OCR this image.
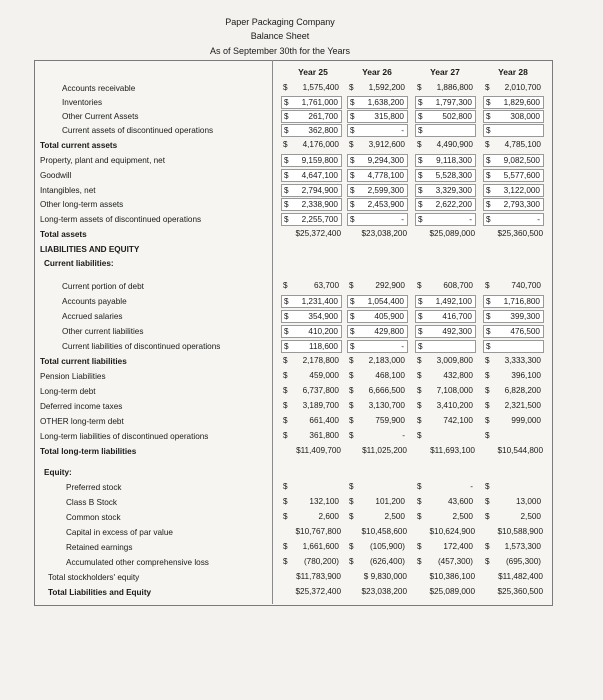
Paper Packaging Company
Balance Sheet
As of September 30th for the Years
Year 25	Year 26	Year 27	Year 28
Accounts receivable	$ 1,575,400 $ 1,592,200 $ 1,886,800 $ 2,010,700
Inventories	$ 1,761,000 $ 1,638,200 $ 1,797,300 $ 1,829,600
Other Current Assets	$ 261,700 $ 315,800 $ 502,800 $ 308,000
Current assets of discontinued operations	$ 362,800 $	- $	$
Total current assets	$ 4,176,000 $ 3,912,600 $ 4,490,900 $ 4,785,100
Property, plant and equipment, net	$ 9,159,800 $ 9,294,300 $ 9,118,300 $ 9,082,500
Goodwill	$ 4,647,100 $ 4,778,100 $ 5,528,300 $ 5,577,600
Intangibles, net	$ 2,794,900 $ 2,599,300 $ 3,329,300 $ 3,122,000
Other long-term assets	$ 2,338,900 $ 2,453,900 $ 2,622,200 $ 2,793,300
Long-term assets of discontinued operations	$ 2,255,700 $	- $	- $	-
Total assets	$25,372,400	$23,038,200	$25,089,000	$25,360,500
LIABILITIES AND EQUITY
Current liabilities:
Current portion of debt	$	63,700 $	292,900 $	608,700 $	740,700
Accounts payable	$ 1,231,400 $ 1,054,400 $ 1,492,100 $ 1,716,800
Accrued salaries	$ 354,900 $ 405,900 $ 416,700 $ 399,300
Other current liabilities	$ 410,200 $ 429,800 $ 492,300 $ 476,500
Current liabilities of discontinued operations	$ 118,600 $	- $	$
Total current liabilities	$ 2,178,800 $ 2,183,000 $ 3,009,800 $ 3,333,300
Pension Liabilities	$	459,000 $	468,100 $	432,800 $	396,100
Long-term debt	$ 6,737,800 $ 6,666,500 $ 7,108,000 $ 6,828,200
Deferred income taxes	$ 3,189,700 $ 3,130,700 $ 3,410,200 $ 2,321,500
OTHER long-term debt	$	661,400 $	759,900 $	742,100 $	999,000
Long-term liabilities of discontinued operations	$	361,800 $	- $	$
Total long-term liabilities	$11,409,700	$11,025,200	$11,693,100	$10,544,800
Equity:
Preferred stock	$	$	$	- $
Class B Stock	$	132,100 $	101,200 $	43,600 $	13,000
Common stock	$	2,600 $	2,500 $	2,500 $	2,500
Capital in excess of par value	$10,767,800	$10,458,600	$10,624,900	$10,588,900
Retained earnings	$ 1,661,600 $ (105,900) $	172,400 $ 1,573,300
Accumulated other comprehensive loss	$ (780,200) $ (626,400) $ (457,300) $ (695,300)
Total stockholders' equity	$11,783,900	$ 9,830,000	$10,386,100	$11,482,400
Total Liabilities and Equity	$25,372,400	$23,038,200	$25,089,000	$25,360,500
